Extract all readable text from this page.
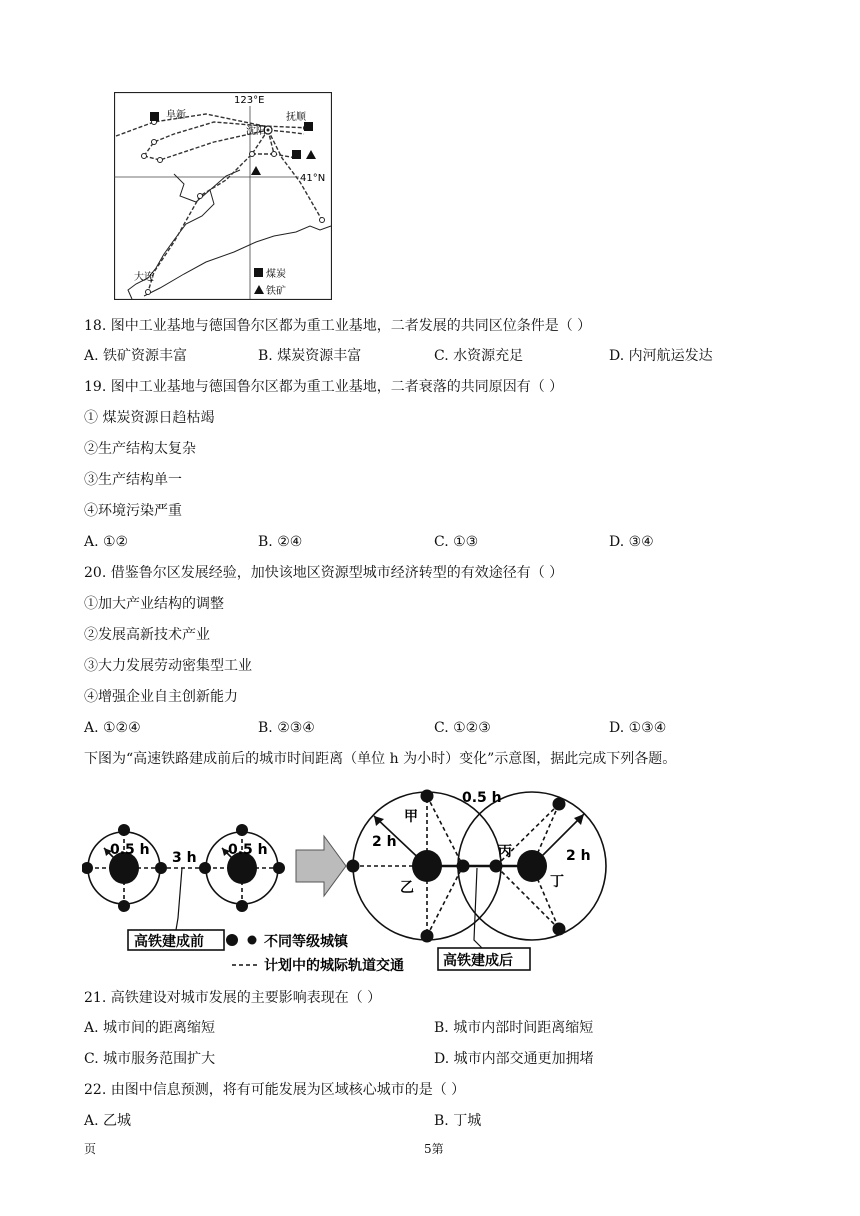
123°E
41°N
阜新
沈阳
抚顺
大连	煤炭
铁矿
18. 图中工业基地与德国鲁尔区都为重工业基地，二者发展的共同区位条件是（ ）
A. 铁矿资源丰富	B. 煤炭资源丰富	C. 水资源充足	D. 内河航运发达
19. 图中工业基地与德国鲁尔区都为重工业基地，二者衰落的共同原因有（ ）
① 煤炭资源日趋枯竭
②生产结构太复杂
③生产结构单一
④环境污染严重
A. ①②	B. ②④	C. ①③	D. ③④
20. 借鉴鲁尔区发展经验，加快该地区资源型城市经济转型的有效途径有（ ）
①加大产业结构的调整
②发展高新技术产业
③大力发展劳动密集型工业
④增强企业自主创新能力
A. ①②④	B. ②③④	C. ①②③	D. ①③④
下图为“高速铁路建成前后的城市时间距离（单位 h 为小时）变化”示意图，据此完成下列各题。
0.5 h	0.5 h
3 h
0.5 h
2 h
2 h
甲
乙
丙
丁
高铁建成前	不同等级城镇
计划中的城际轨道交通	高铁建成后
21. 高铁建设对城市发展的主要影响表现在（ ）
A. 城市间的距离缩短	B. 城市内部时间距离缩短
C. 城市服务范围扩大	D. 城市内部交通更加拥堵
22. 由图中信息预测，将有可能发展为区域核心城市的是（ ）
A. 乙城	B. 丁城
页	5第
